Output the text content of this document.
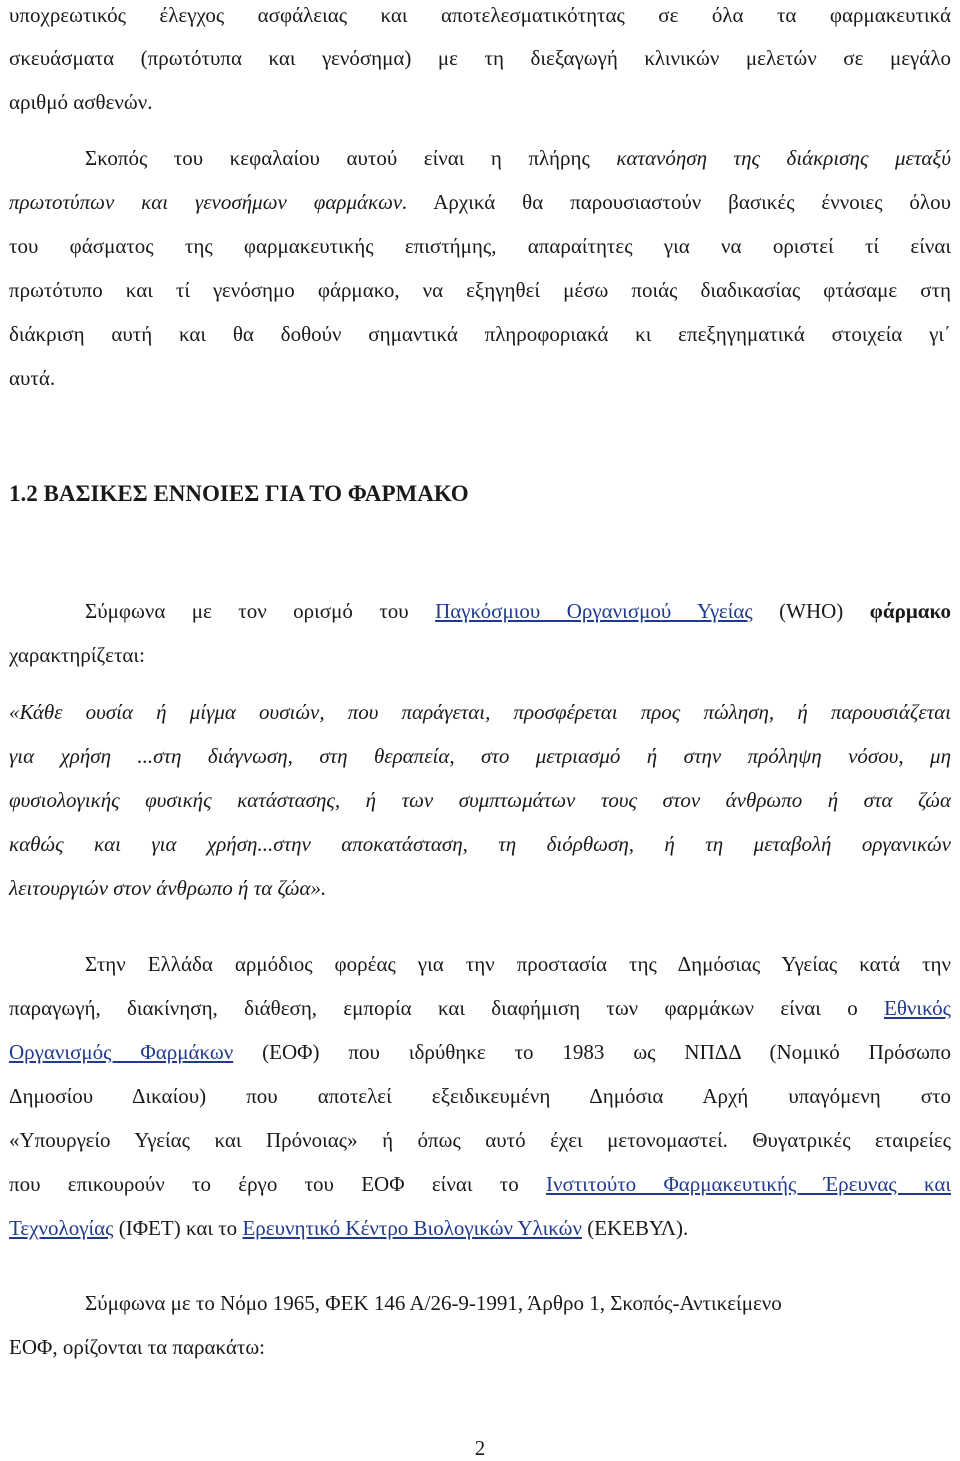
υποχρεωτικός έλεγχος ασφάλειας και αποτελεσματικότητας σε όλα τα φαρμακευτικά
σκευάσματα (πρωτότυπα και γενόσημα) με τη διεξαγωγή κλινικών μελετών σε μεγάλο
αριθμό ασθενών.
Σκοπός του κεφαλαίου αυτού είναι η πλήρης κατανόηση της διάκρισης μεταξύ
πρωτοτύπων και γενοσήμων φαρμάκων. Αρχικά θα παρουσιαστούν βασικές έννοιες όλου
του φάσματος της φαρμακευτικής επιστήμης, απαραίτητες για να οριστεί τί είναι
πρωτότυπο και τί γενόσημο φάρμακο, να εξηγηθεί μέσω ποιάς διαδικασίας φτάσαμε στη
διάκριση αυτή και θα δοθούν σημαντικά πληροφοριακά κι επεξηγηματικά στοιχεία γι΄
αυτά.
1.2 ΒΑΣΙΚΕΣ ΕΝΝΟΙΕΣ ΓΙΑ ΤΟ ΦΑΡΜΑΚΟ
Σύμφωνα με τον ορισμό του Παγκόσμιου Οργανισμού Υγείας (WHO) φάρμακο
χαρακτηρίζεται:
«Κάθε ουσία ή μίγμα ουσιών, που παράγεται, προσφέρεται προς πώληση, ή παρουσιάζεται
για χρήση ...στη διάγνωση, στη θεραπεία, στο μετριασμό ή στην πρόληψη νόσου, μη
φυσιολογικής φυσικής κατάστασης, ή των συμπτωμάτων τους στον άνθρωπο ή στα ζώα
καθώς και για χρήση...στην αποκατάσταση, τη διόρθωση, ή τη μεταβολή οργανικών
λειτουργιών στον άνθρωπο ή τα ζώα».
Στην Ελλάδα αρμόδιος φορέας για την προστασία της Δημόσιας Υγείας κατά την
παραγωγή, διακίνηση, διάθεση, εμπορία και διαφήμιση των φαρμάκων είναι ο Εθνικός
Οργανισμός Φαρμάκων (ΕΟΦ) που ιδρύθηκε το 1983 ως ΝΠΔΔ (Νομικό Πρόσωπο
Δημοσίου Δικαίου) που αποτελεί εξειδικευμένη Δημόσια Αρχή υπαγόμενη στο
«Υπουργείο Υγείας και Πρόνοιας» ή όπως αυτό έχει μετονομαστεί. Θυγατρικές εταιρείες
που επικουρούν το έργο του ΕΟΦ είναι το Ινστιτούτο Φαρμακευτικής Έρευνας και
Τεχνολογίας (ΙΦΕΤ) και το Ερευνητικό Κέντρο Βιολογικών Υλικών (ΕΚΕΒΥΛ).
Σύμφωνα με το Νόμο 1965, ΦΕΚ 146 Α/26-9-1991, Άρθρο 1, Σκοπός-Αντικείμενο
ΕΟΦ, ορίζονται τα παρακάτω:
2
